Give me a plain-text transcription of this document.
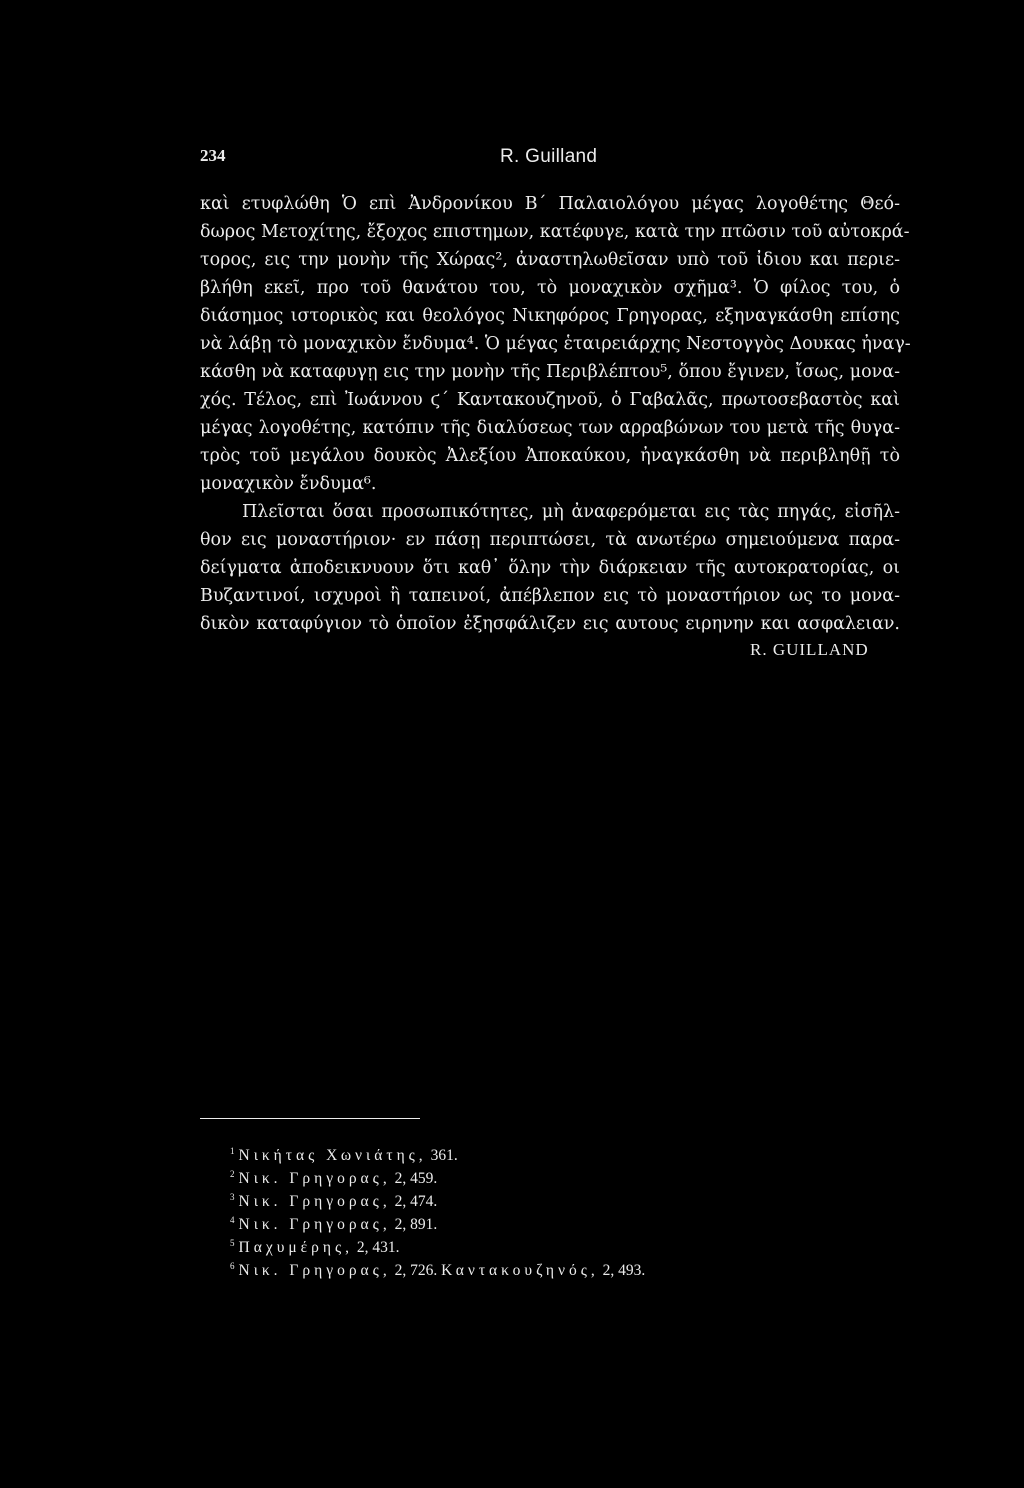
234	R. Guilland
καὶ ετυφλώθη Ὁ επὶ Ἀνδρονίκου Β΄ Παλαιολόγου μέγας λογοθέτης Θεό-
δωρος Μετοχίτης, ἔξοχος επιστημων, κατέφυγε, κατὰ την πτῶσιν τοῦ αὐτοκρά-
τορος, εις την μονὴν τῆς Χώρας², ἀναστηλωθεῖσαν υπὸ τοῦ ἰδιου και περιε-
βλήθη εκεῖ, προ τοῦ θανάτου του, τὸ μοναχικὸν σχῆμα³. Ὁ φίλος του, ὁ
διάσημος ιστορικὸς και θεολόγος Νικηφόρος Γρηγορας, εξηναγκάσθη επίσης
νὰ λάβῃ τὸ μοναχικὸν ἔνδυμα⁴. Ὁ μέγας ἑταιρειάρχης Νεστογγὸς Δουκας ἠναγ-
κάσθη νὰ καταφυγῃ εις την μονὴν τῆς Περιβλέπτου⁵, ὅπου ἔγινεν, ἴσως, μονα-
χός. Τέλος, επὶ Ἰωάννου ϛ΄ Καντακουζηνοῦ, ὁ Γαβαλᾶς, πρωτοσεβαστὸς καὶ
μέγας λογοθέτης, κατόπιν τῆς διαλύσεως των αρραβώνων του μετὰ τῆς θυγα-
τρὸς τοῦ μεγάλου δουκὸς Ἀλεξίου Ἀποκαύκου, ἠναγκάσθη νὰ περιβληθῇ τὸ
μοναχικὸν ἔνδυμα⁶.
Πλεῖσται ὅσαι προσωπικότητες, μὴ ἀναφερόμεται εις τὰς πηγάς, εἰσῆλ-
θον εις μοναστήριον· εν πάσῃ περιπτώσει, τὰ ανωτέρω σημειούμενα παρα-
δείγματα ἀποδεικνυουν ὅτι καθ᾽ ὅλην τὴν διάρκειαν τῆς αυτοκρατορίας, οι
Βυζαντινοί, ισχυροὶ ἢ ταπεινοί, ἀπέβλεπον εις τὸ μοναστήριον ως το μονα-
δικὸν καταφύγιον τὸ ὁποῖον ἐξησφάλιζεν εις αυτους ειρηνην και ασφαλειαν.
R. GUILLAND
$^1$ Νικήτας Χωνιάτης, 361.
$^2$ Νικ. Γρηγορας, 2, 459.
$^3$ Νικ. Γρηγορας, 2, 474.
$^4$ Νικ. Γρηγορας, 2, 891.
$^5$ Παχυμέρης, 2, 431.
$^6$ Νικ. Γρηγορας, 2, 726. Καντακουζηνός, 2, 493.
